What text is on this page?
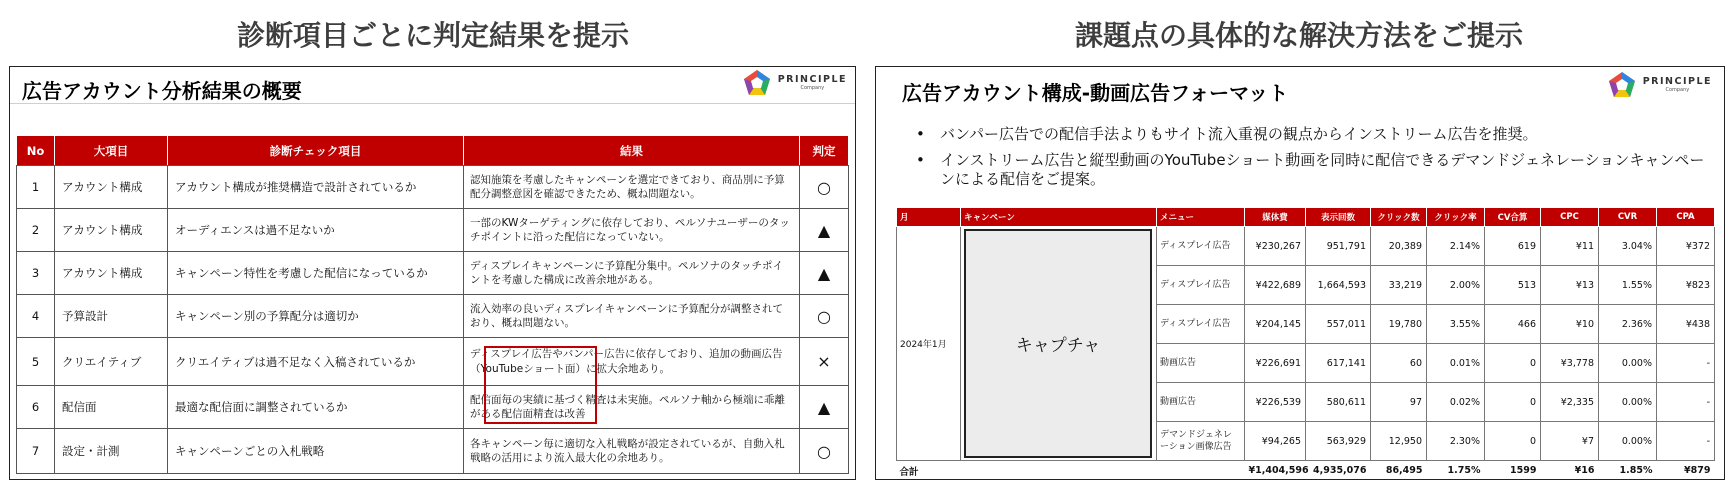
診断項目ごとに判定結果を提示	課題点の具体的な解決方法をご提示
広告アカウント分析結果の概要	PRINCIPLE
Company
No	大項目	診断チェック項目	結果	判定
1	アカウント構成	アカウント構成が推奨構造で設計されているか	認知施策を考慮したキャンペーンを選定できており、商品別に予算配分調整意図を確認できたため、概ね問題ない。	○
2	アカウント構成	オーディエンスは過不足ないか	一部のKWターゲティングに依存しており、ペルソナユーザーのタッチポイントに沿った配信になっていない。	▲
3	アカウント構成	キャンペーン特性を考慮した配信になっているか	ディスプレイキャンペーンに予算配分集中。ペルソナのタッチポイントを考慮した構成に改善余地がある。	▲
4	予算設計	キャンペーン別の予算配分は適切か	流入効率の良いディスプレイキャンペーンに予算配分が調整されており、概ね問題ない。	○
5	クリエイティブ	クリエイティブは過不足なく入稿されているか	ディスプレイ広告やバンパー広告に依存しており、追加の動画広告（YouTubeショート面）に拡大余地あり。	×
6	配信面	最適な配信面に調整されているか	配信面毎の実績に基づく精査は未実施。ペルソナ軸から極端に乖離がある配信面精査は改善	▲
7	設定・計測	キャンペーンごとの入札戦略	各キャンペーン毎に適切な入札戦略が設定されているが、自動入札戦略の活用により流入最大化の余地あり。	○
広告アカウント構成-動画広告フォーマット	PRINCIPLE
Company
• バンパー広告での配信手法よりもサイト流入重視の観点からインストリーム広告を推奨。
• インストリーム広告と縦型動画のYouTubeショート動画を同時に配信できるデマンドジェネレーションキャンペーンによる配信をご提案。
月	キャンペーン	メニュー	媒体費	表示回数	クリック数	クリック率	CV合算	CPC	CVR	CPA
2024年1月	キャプチャ	ディスプレイ広告	¥230,267	951,791	20,389	2.14%	619	¥11	3.04%	¥372
		ディスプレイ広告	¥422,689	1,664,593	33,219	2.00%	513	¥13	1.55%	¥823
		ディスプレイ広告	¥204,145	557,011	19,780	3.55%	466	¥10	2.36%	¥438
		動画広告	¥226,691	617,141	60	0.01%	0	¥3,778	0.00%	-
		動画広告	¥226,539	580,611	97	0.02%	0	¥2,335	0.00%	-
		デマンドジェネレーション画像広告	¥94,265	563,929	12,950	2.30%	0	¥7	0.00%	-
合計			¥1,404,596	4,935,076	86,495	1.75%	1599	¥16	1.85%	¥879
